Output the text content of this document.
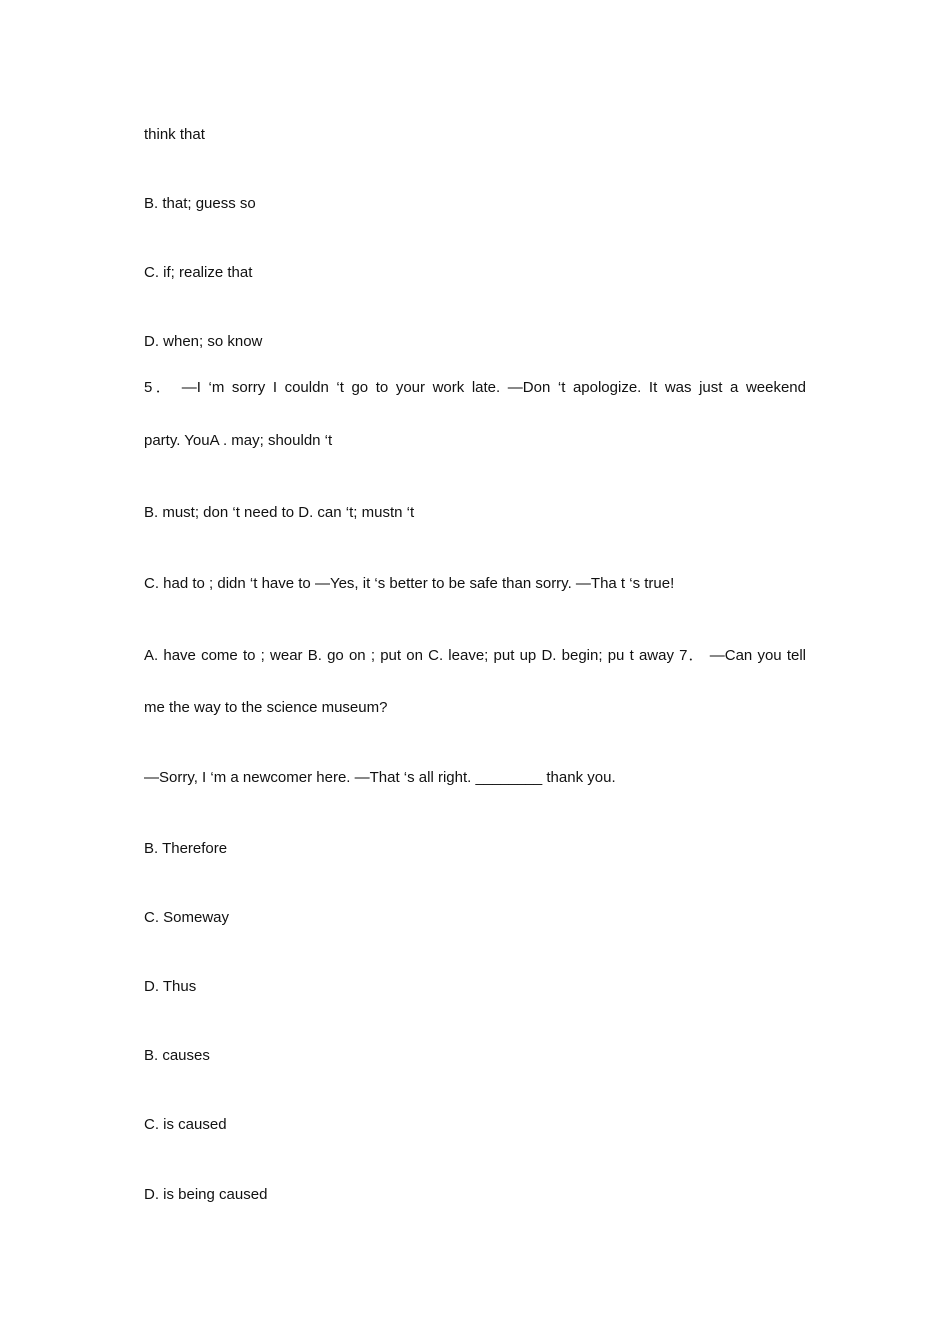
think that
B. that; guess so
C. if; realize that
D. when; so know
5． —I ‘m sorry I couldn ‘t go to your work late. —Don ‘t apologize. It was just a weekend
party. YouA . may; shouldn ‘t
B. must; don ‘t need to D. can ‘t; mustn ‘t
C. had to ; didn ‘t have to —Yes, it ‘s better to be safe than sorry. —Tha t ‘s true!
A. have come to ; wear B. go on ; put on C. leave; put up D. begin; pu t away 7． —Can you tell
me the way to the science museum?
—Sorry, I ‘m a newcomer here. —That ‘s all right. ________ thank you.
B. Therefore
C. Someway
D. Thus
B. causes
C. is caused
D. is being caused
